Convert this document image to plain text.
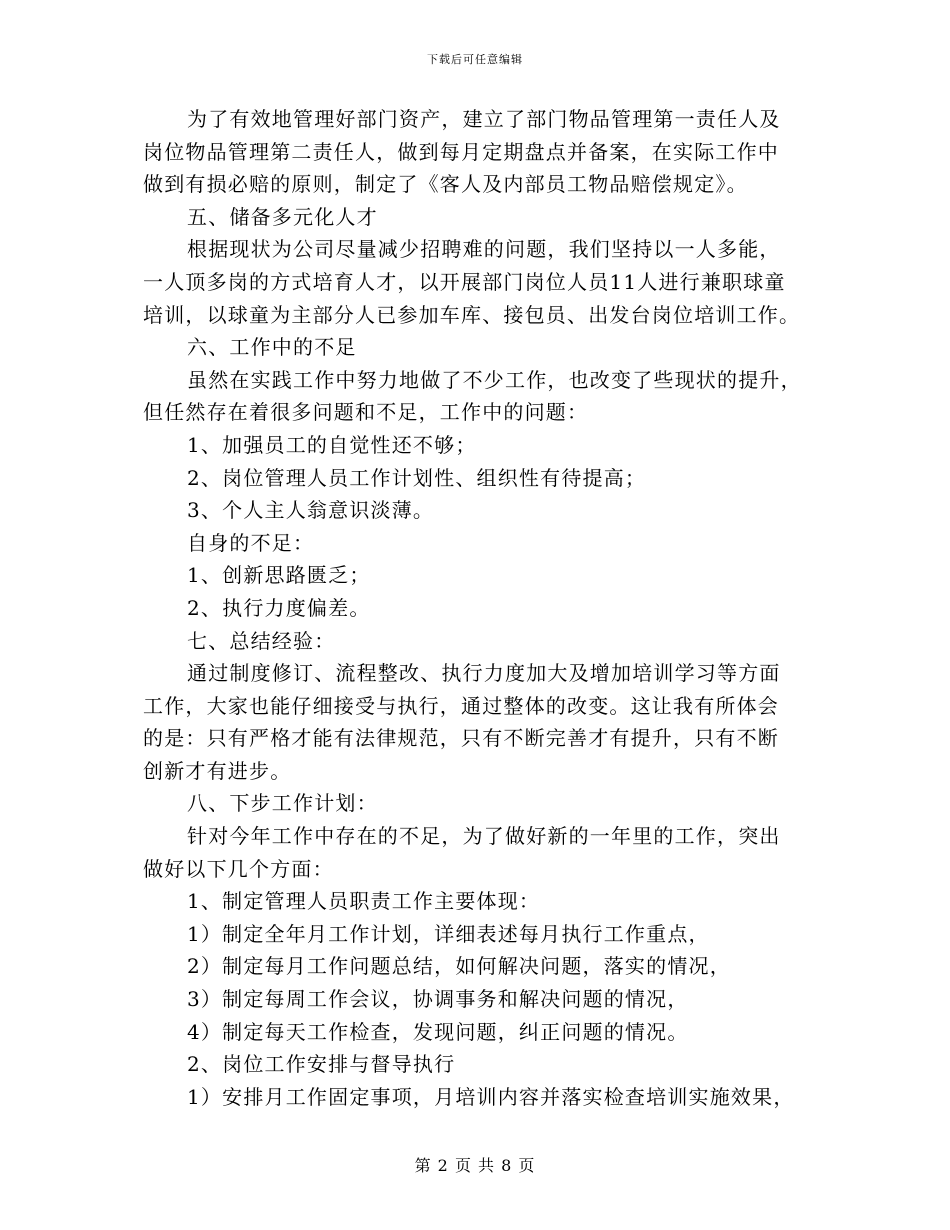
下载后可任意编辑
为了有效地管理好部门资产，建立了部门物品管理第一责任人及
岗位物品管理第二责任人，做到每月定期盘点并备案，在实际工作中
做到有损必赔的原则，制定了《客人及内部员工物品赔偿规定》。
五、储备多元化人才
根据现状为公司尽量减少招聘难的问题，我们坚持以一人多能，
一人顶多岗的方式培育人才，以开展部门岗位人员11人进行兼职球童
培训，以球童为主部分人已参加车库、接包员、出发台岗位培训工作。
六、工作中的不足
虽然在实践工作中努力地做了不少工作，也改变了些现状的提升，
但任然存在着很多问题和不足，工作中的问题：
1、加强员工的自觉性还不够；
2、岗位管理人员工作计划性、组织性有待提高；
3、个人主人翁意识淡薄。
自身的不足：
1、创新思路匮乏；
2、执行力度偏差。
七、总结经验：
通过制度修订、流程整改、执行力度加大及增加培训学习等方面
工作，大家也能仔细接受与执行，通过整体的改变。这让我有所体会
的是：只有严格才能有法律规范，只有不断完善才有提升，只有不断
创新才有进步。
八、下步工作计划：
针对今年工作中存在的不足，为了做好新的一年里的工作，突出
做好以下几个方面：
1、制定管理人员职责工作主要体现：
1）制定全年月工作计划，详细表述每月执行工作重点，
2）制定每月工作问题总结，如何解决问题，落实的情况，
3）制定每周工作会议，协调事务和解决问题的情况，
4）制定每天工作检查，发现问题，纠正问题的情况。
2、岗位工作安排与督导执行
1）安排月工作固定事项，月培训内容并落实检查培训实施效果，
第 2 页 共 8 页
